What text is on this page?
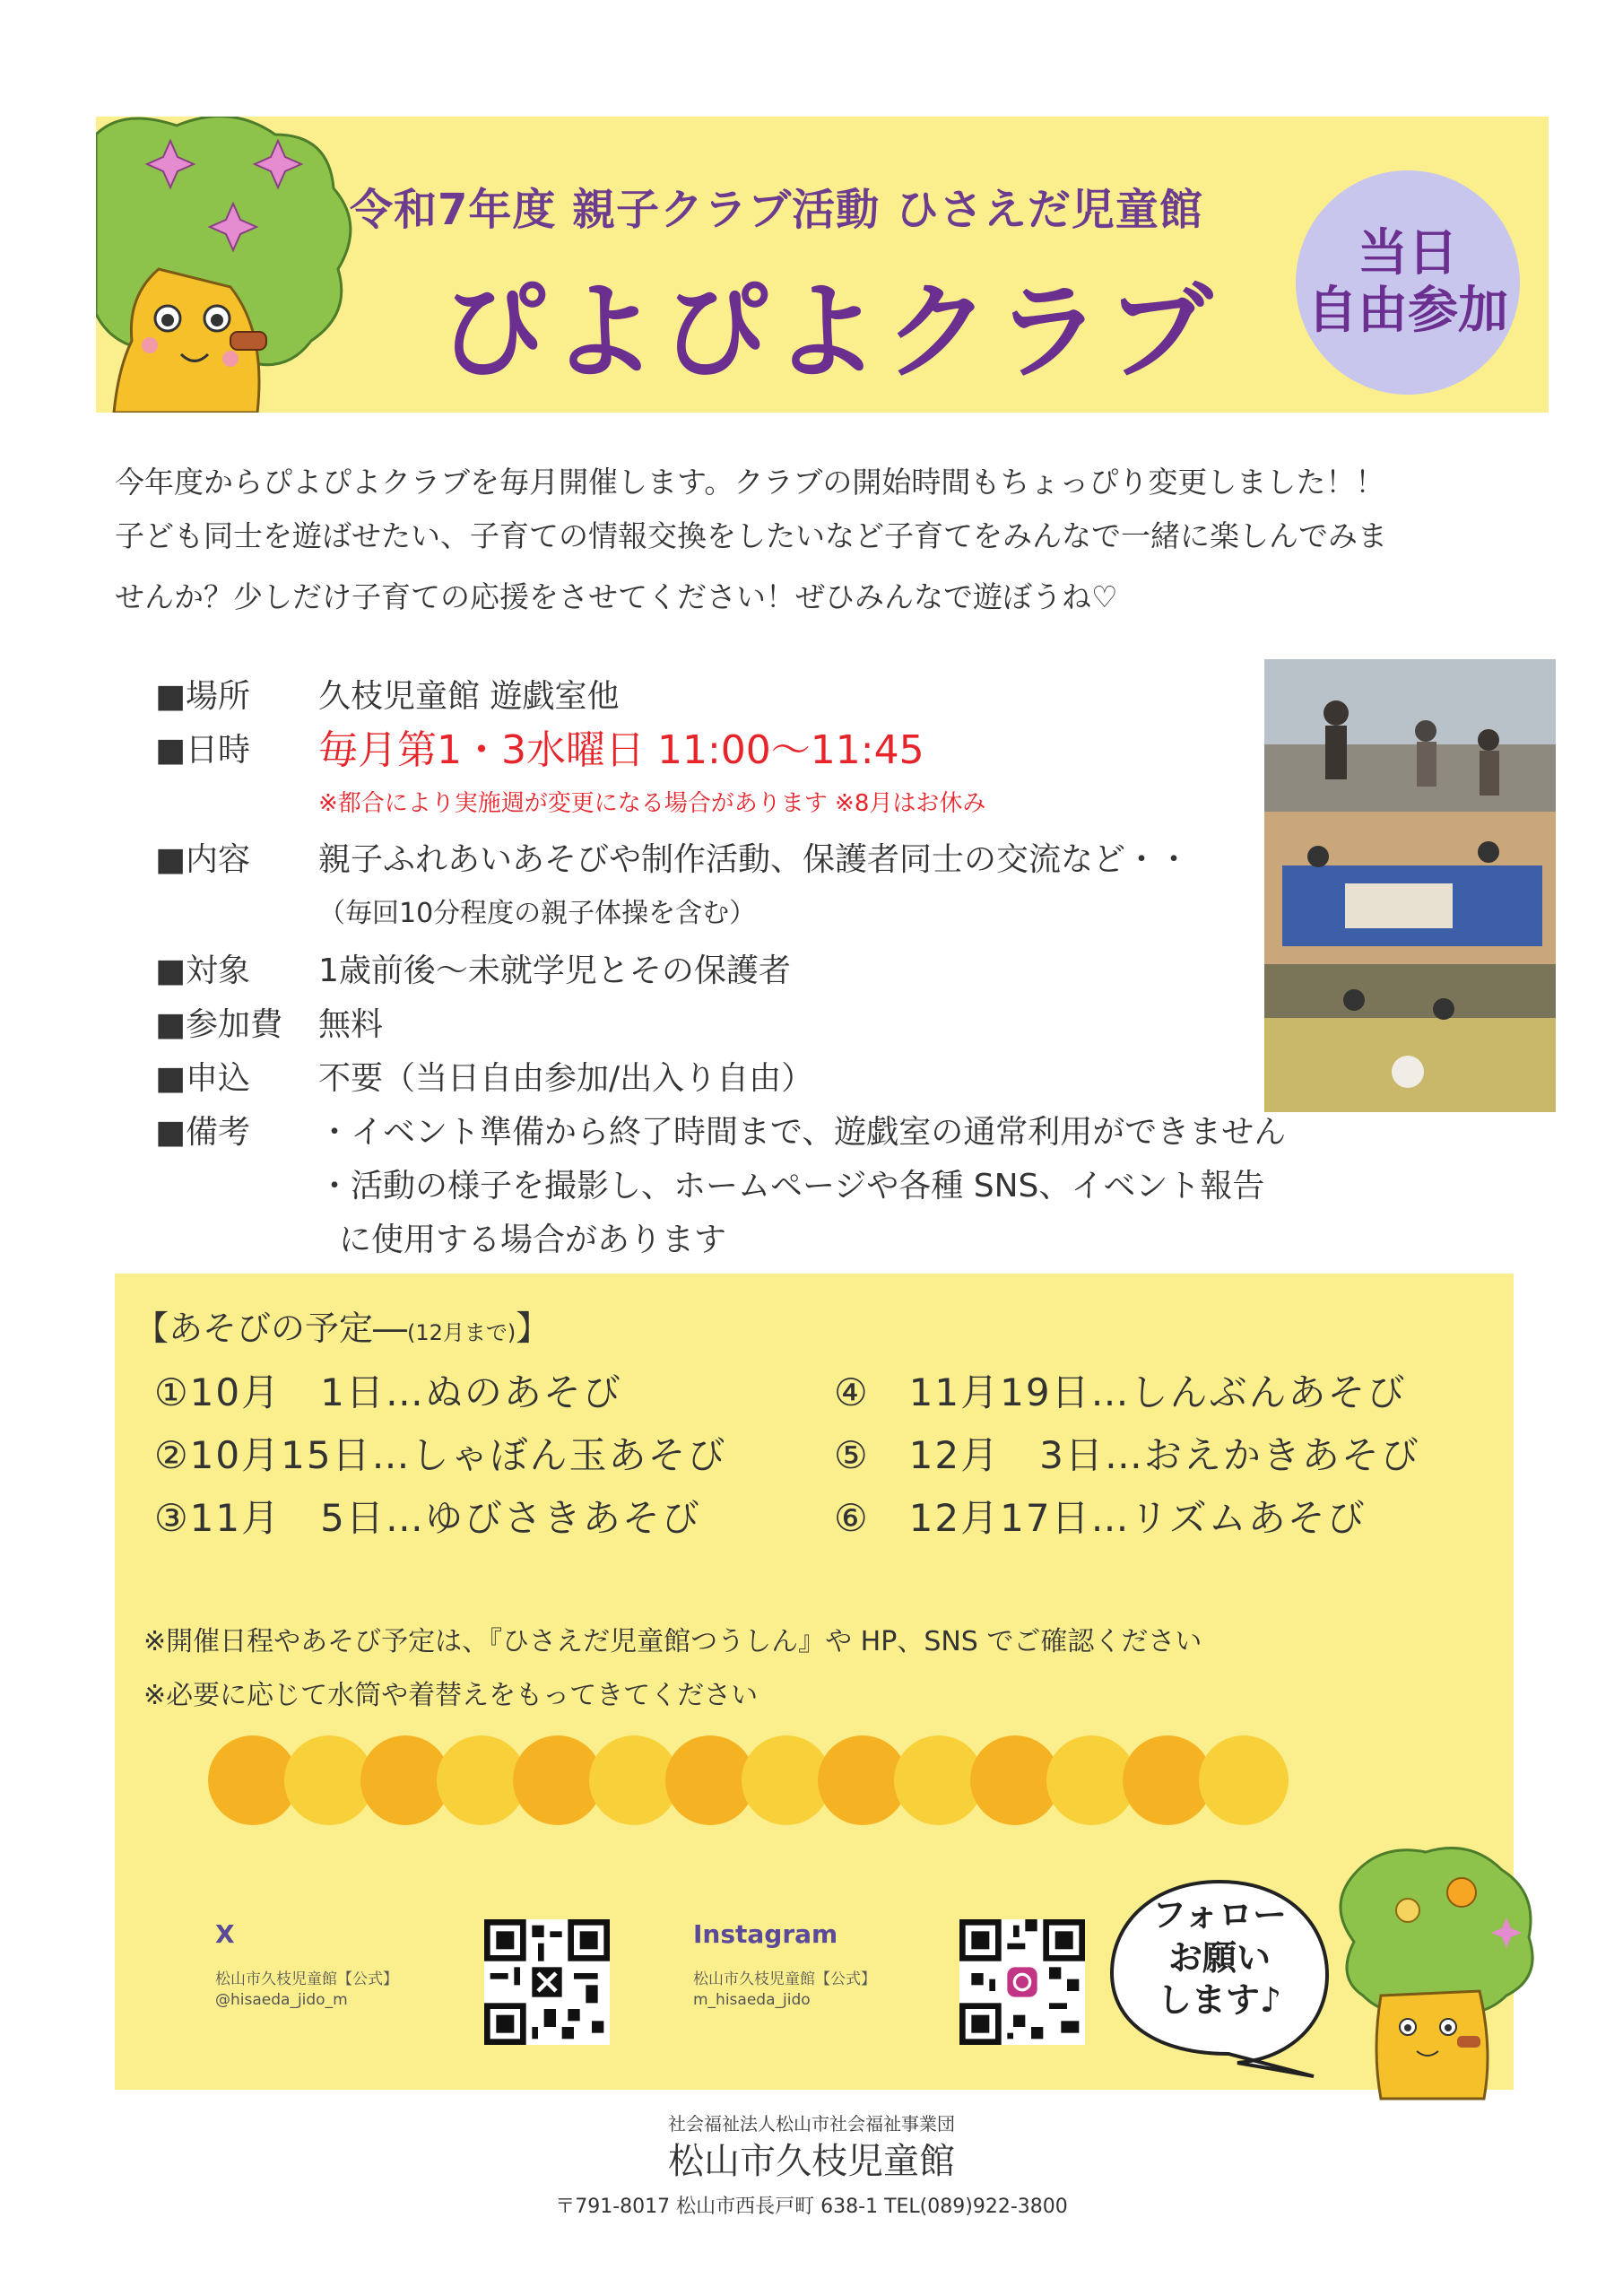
令和7年度 親子クラブ活動 ひさえだ児童館
ぴよぴよクラブ
当日
自由参加
今年度からぴよぴよクラブを毎月開催します。クラブの開始時間もちょっぴり変更しました！！
子ども同士を遊ばせたい、子育ての情報交換をしたいなど子育てをみんなで一緒に楽しんでみま
せんか？少しだけ子育ての応援をさせてください！ぜひみんなで遊ぼうね♡
■場所 久枝児童館 遊戯室他
■日時 毎月第1・3水曜日 11:00～11:45
※都合により実施週が変更になる場合があります ※8月はお休み
■内容 親子ふれあいあそびや制作活動、保護者同士の交流など・・
（毎回10分程度の親子体操を含む）
■対象 1歳前後～未就学児とその保護者
■参加費 無料
■申込 不要（当日自由参加/出入り自由）
■備考 ・イベント準備から終了時間まで、遊戯室の通常利用ができません
・活動の様子を撮影し、ホームページや各種 SNS、イベント報告
に使用する場合があります
【あそびの予定―(12月まで)】
①10月　1日…ぬのあそび
②10月15日…しゃぼん玉あそび
③11月　5日…ゆびさきあそび
④　11月19日…しんぶんあそび
⑤　12月　3日…おえかきあそび
⑥　12月17日…リズムあそび
※開催日程やあそび予定は、『ひさえだ児童館つうしん』や HP、SNS でご確認ください
※必要に応じて水筒や着替えをもってきてください
X
松山市久枝児童館【公式】
@hisaeda_jido_m
Instagram
松山市久枝児童館【公式】
m_hisaeda_jido
フォロー
お願い
します♪
社会福祉法人松山市社会福祉事業団
松山市久枝児童館
〒791-8017 松山市西長戸町 638-1 TEL(089)922-3800
